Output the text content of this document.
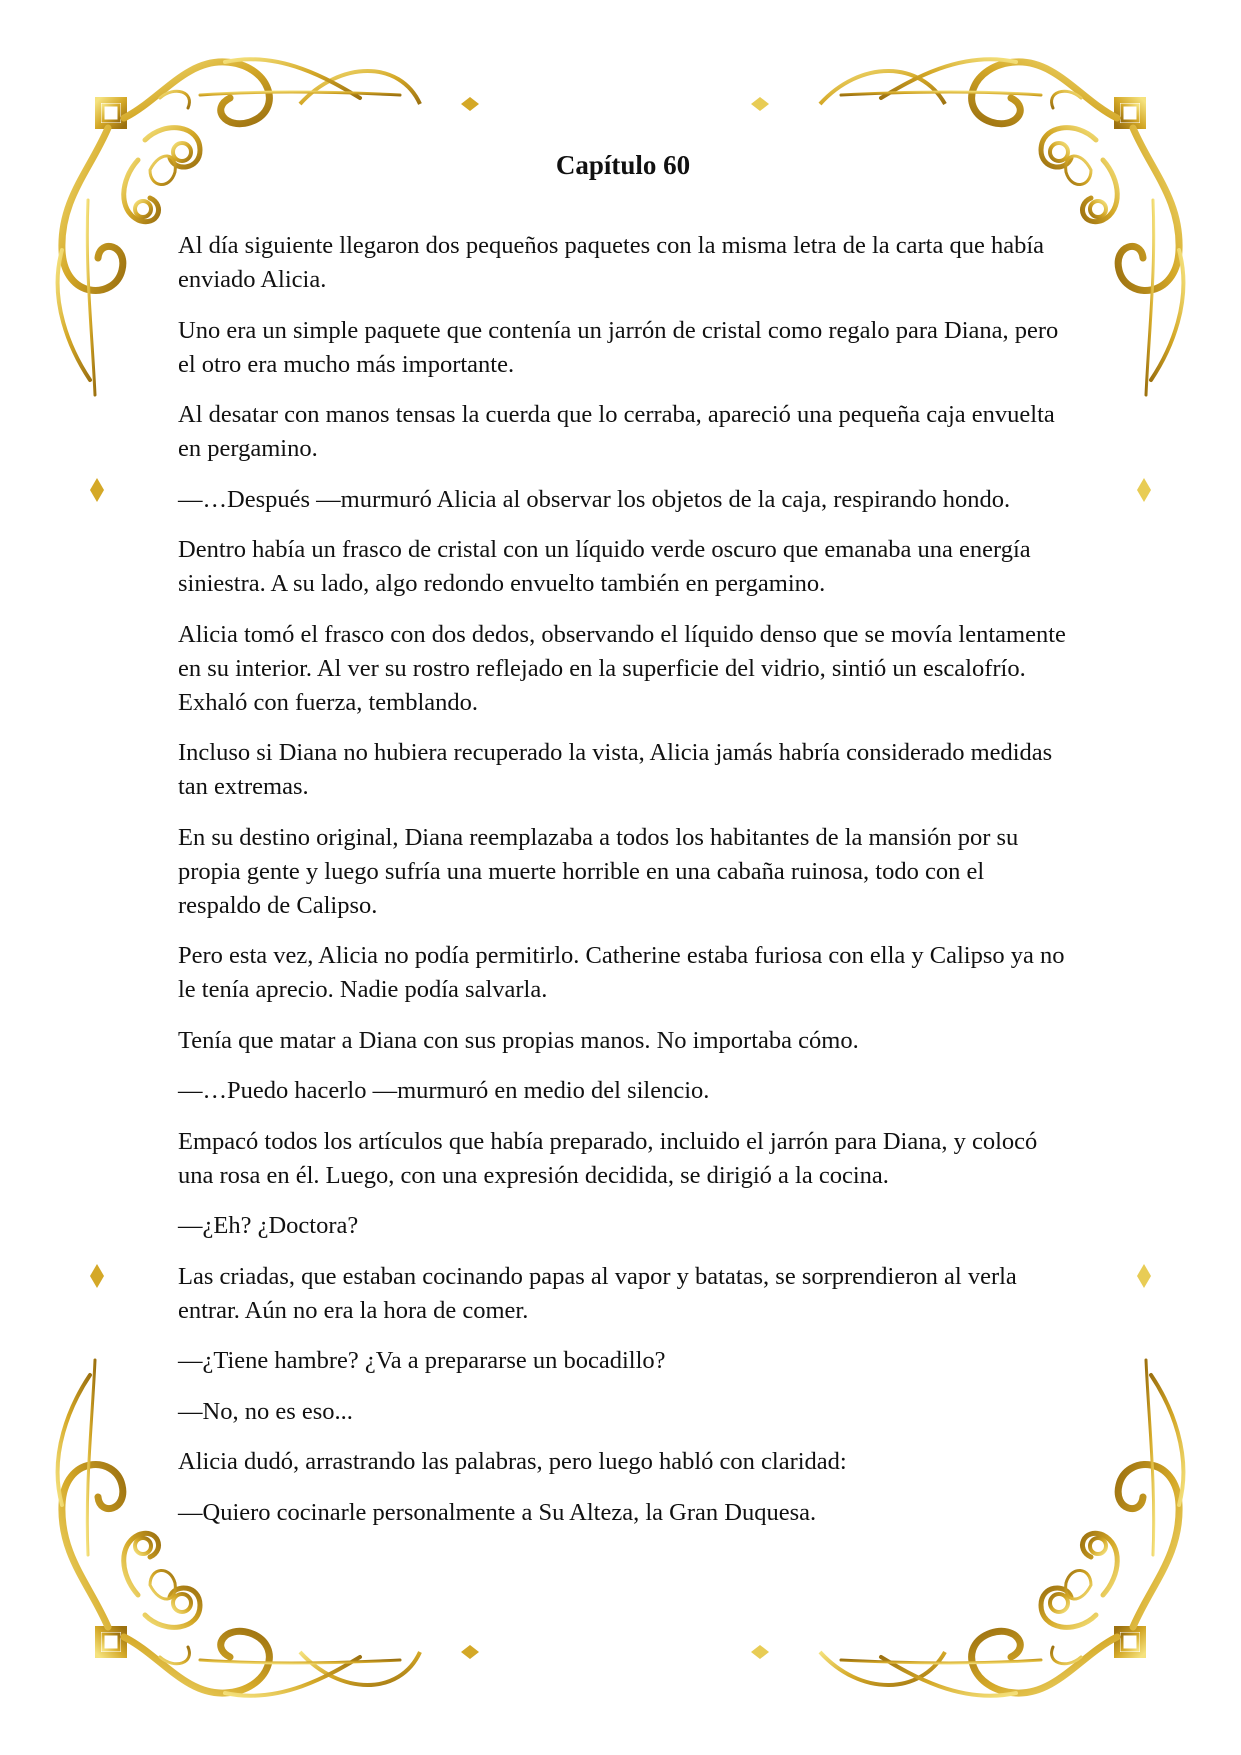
Capítulo 60

Al día siguiente llegaron dos pequeños paquetes con la misma letra de la carta que había enviado Alicia.

Uno era un simple paquete que contenía un jarrón de cristal como regalo para Diana, pero el otro era mucho más importante.

Al desatar con manos tensas la cuerda que lo cerraba, apareció una pequeña caja envuelta en pergamino.

—…Después —murmuró Alicia al observar los objetos de la caja, respirando hondo.

Dentro había un frasco de cristal con un líquido verde oscuro que emanaba una energía siniestra. A su lado, algo redondo envuelto también en pergamino.

Alicia tomó el frasco con dos dedos, observando el líquido denso que se movía lentamente en su interior. Al ver su rostro reflejado en la superficie del vidrio, sintió un escalofrío. Exhaló con fuerza, temblando.

Incluso si Diana no hubiera recuperado la vista, Alicia jamás habría considerado medidas tan extremas.

En su destino original, Diana reemplazaba a todos los habitantes de la mansión por su propia gente y luego sufría una muerte horrible en una cabaña ruinosa, todo con el respaldo de Calipso.

Pero esta vez, Alicia no podía permitirlo. Catherine estaba furiosa con ella y Calipso ya no le tenía aprecio. Nadie podía salvarla.

Tenía que matar a Diana con sus propias manos. No importaba cómo.

—…Puedo hacerlo —murmuró en medio del silencio.

Empacó todos los artículos que había preparado, incluido el jarrón para Diana, y colocó una rosa en él. Luego, con una expresión decidida, se dirigió a la cocina.

—¿Eh? ¿Doctora?

Las criadas, que estaban cocinando papas al vapor y batatas, se sorprendieron al verla entrar. Aún no era la hora de comer.

—¿Tiene hambre? ¿Va a prepararse un bocadillo?

—No, no es eso...

Alicia dudó, arrastrando las palabras, pero luego habló con claridad:

—Quiero cocinarle personalmente a Su Alteza, la Gran Duquesa.
